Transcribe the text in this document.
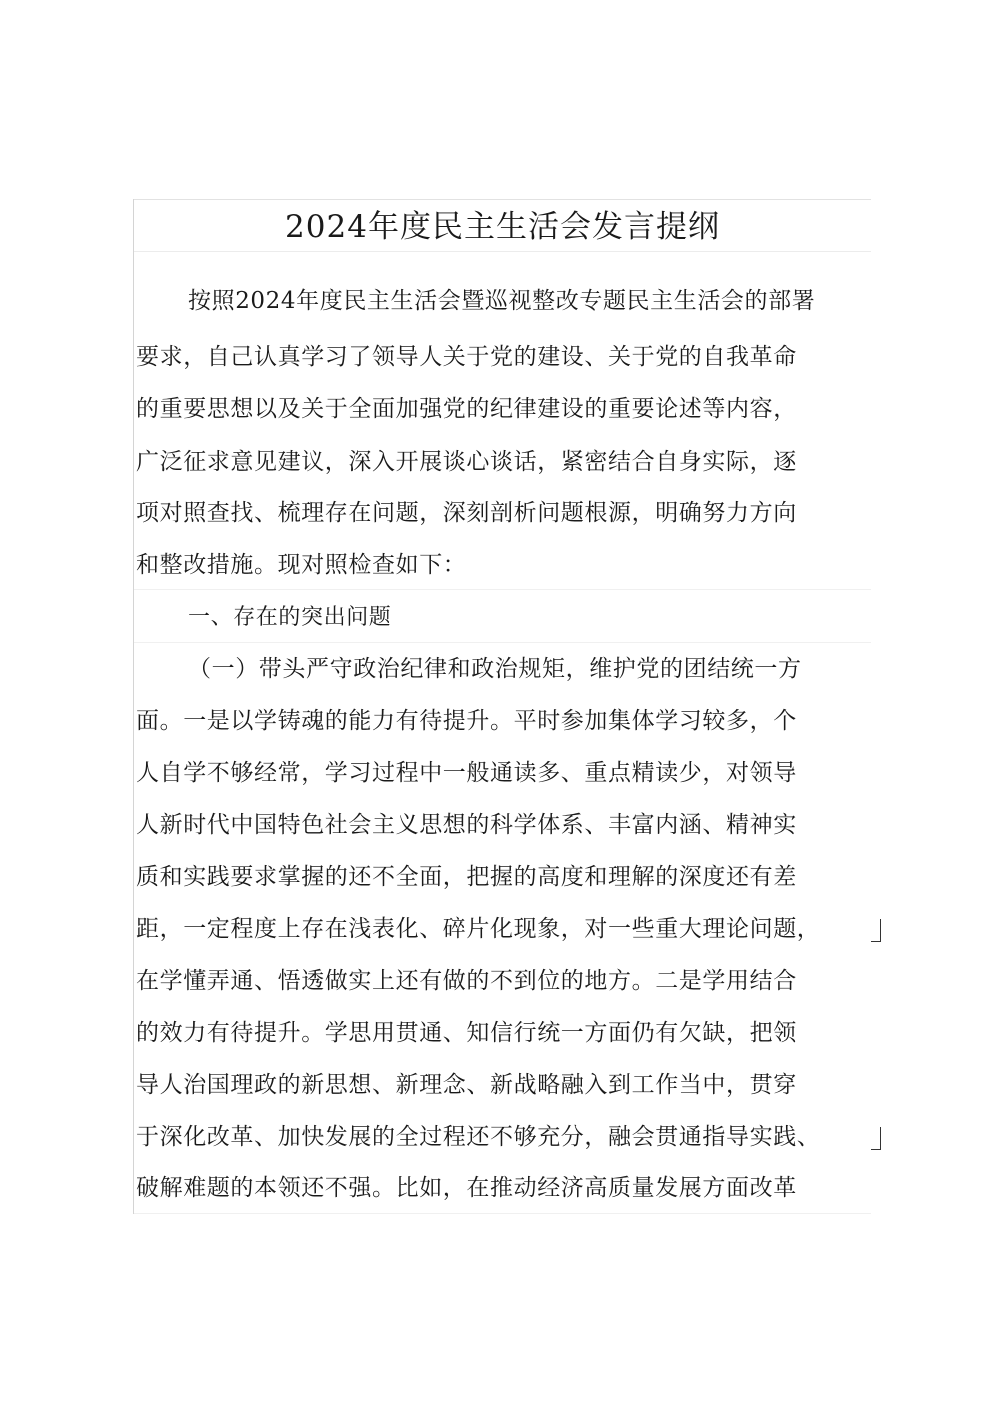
2024年度民主生活会发言提纲
按照2024年度民主生活会暨巡视整改专题民主生活会的部署
要求，自己认真学习了领导人关于党的建设、关于党的自我革命
的重要思想以及关于全面加强党的纪律建设的重要论述等内容，
广泛征求意见建议，深入开展谈心谈话，紧密结合自身实际，逐
项对照查找、梳理存在问题，深刻剖析问题根源，明确努力方向
和整改措施。现对照检查如下：
一、存在的突出问题
（一）带头严守政治纪律和政治规矩，维护党的团结统一方
面。一是以学铸魂的能力有待提升。平时参加集体学习较多，个
人自学不够经常，学习过程中一般通读多、重点精读少，对领导
人新时代中国特色社会主义思想的科学体系、丰富内涵、精神实
质和实践要求掌握的还不全面，把握的高度和理解的深度还有差
距，一定程度上存在浅表化、碎片化现象，对一些重大理论问题，
在学懂弄通、悟透做实上还有做的不到位的地方。二是学用结合
的效力有待提升。学思用贯通、知信行统一方面仍有欠缺，把领
导人治国理政的新思想、新理念、新战略融入到工作当中，贯穿
于深化改革、加快发展的全过程还不够充分，融会贯通指导实践、
破解难题的本领还不强。比如，在推动经济高质量发展方面改革
